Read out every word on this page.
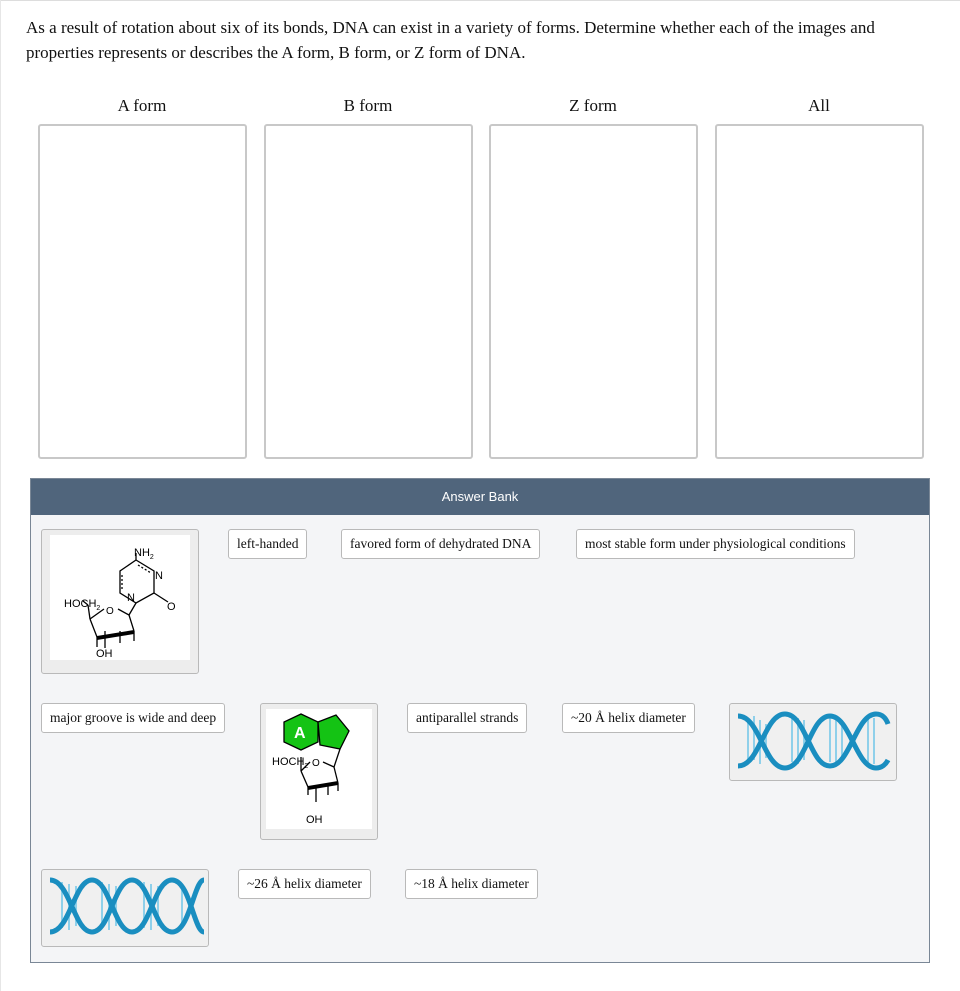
As a result of rotation about six of its bonds, DNA can exist in a variety of forms. Determine whether each of the images and properties represents or describes the A form, B form, or Z form of DNA.

A form	B form	Z form	All
Answer Bank
$NH_2$
N
N
O
$HOCH_2$ O
OH
left-handed	favored form of dehydrated DNA	most stable form under physiological conditions
major groove is wide and deep
A
$HOCH_2$ O
OH
antiparallel strands	~20 Å helix diameter
~26 Å helix diameter	~18 Å helix diameter
